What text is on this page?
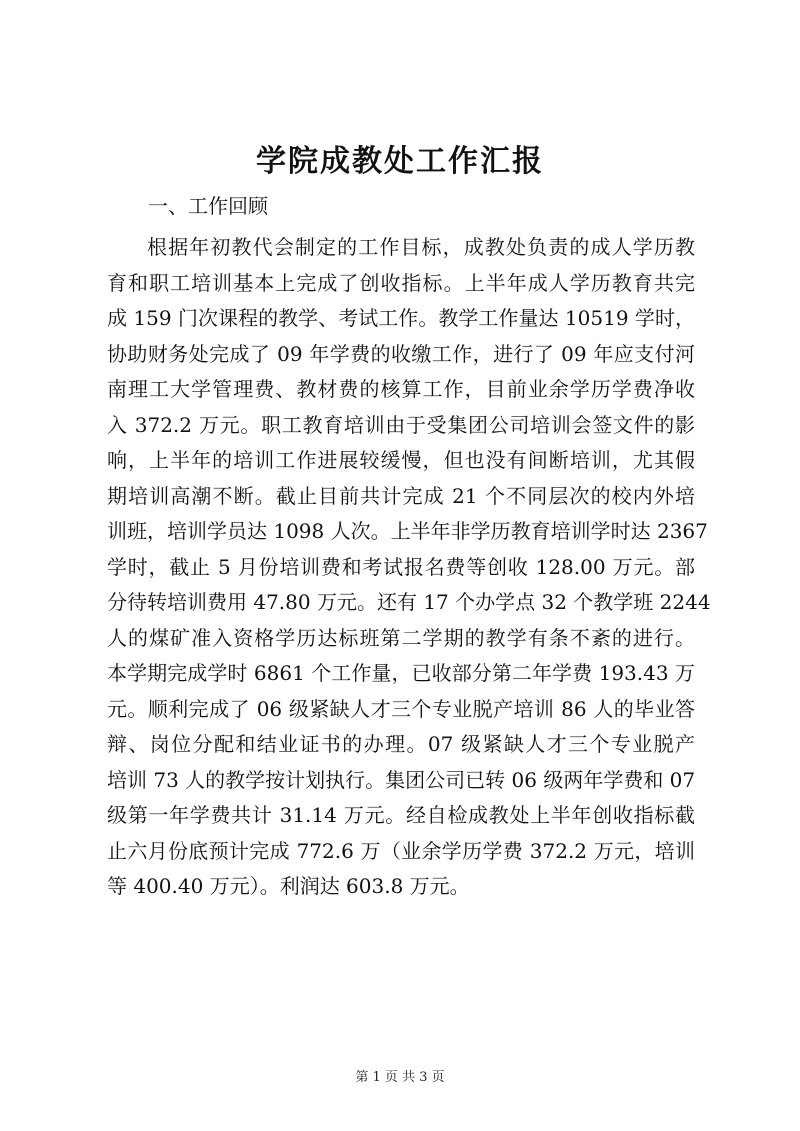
学院成教处工作汇报
一、工作回顾
根据年初教代会制定的工作目标，成教处负责的成人学历教
育和职工培训基本上完成了创收指标。上半年成人学历教育共完
成 159 门次课程的教学、考试工作。教学工作量达 10519 学时，
协助财务处完成了 09 年学费的收缴工作，进行了 09 年应支付河
南理工大学管理费、教材费的核算工作，目前业余学历学费净收
入 372.2 万元。职工教育培训由于受集团公司培训会签文件的影
响，上半年的培训工作进展较缓慢，但也没有间断培训，尤其假
期培训高潮不断。截止目前共计完成 21 个不同层次的校内外培
训班，培训学员达 1098 人次。上半年非学历教育培训学时达 2367
学时，截止 5 月份培训费和考试报名费等创收 128.00 万元。部
分待转培训费用 47.80 万元。还有 17 个办学点 32 个教学班 2244
人的煤矿准入资格学历达标班第二学期的教学有条不紊的进行。
本学期完成学时 6861 个工作量，已收部分第二年学费 193.43 万
元。顺利完成了 06 级紧缺人才三个专业脱产培训 86 人的毕业答
辩、岗位分配和结业证书的办理。07 级紧缺人才三个专业脱产
培训 73 人的教学按计划执行。集团公司已转 06 级两年学费和 07
级第一年学费共计 31.14 万元。经自检成教处上半年创收指标截
止六月份底预计完成 772.6 万（业余学历学费 372.2 万元，培训
等 400.40 万元）。利润达 603.8 万元。
第 1 页 共 3 页
